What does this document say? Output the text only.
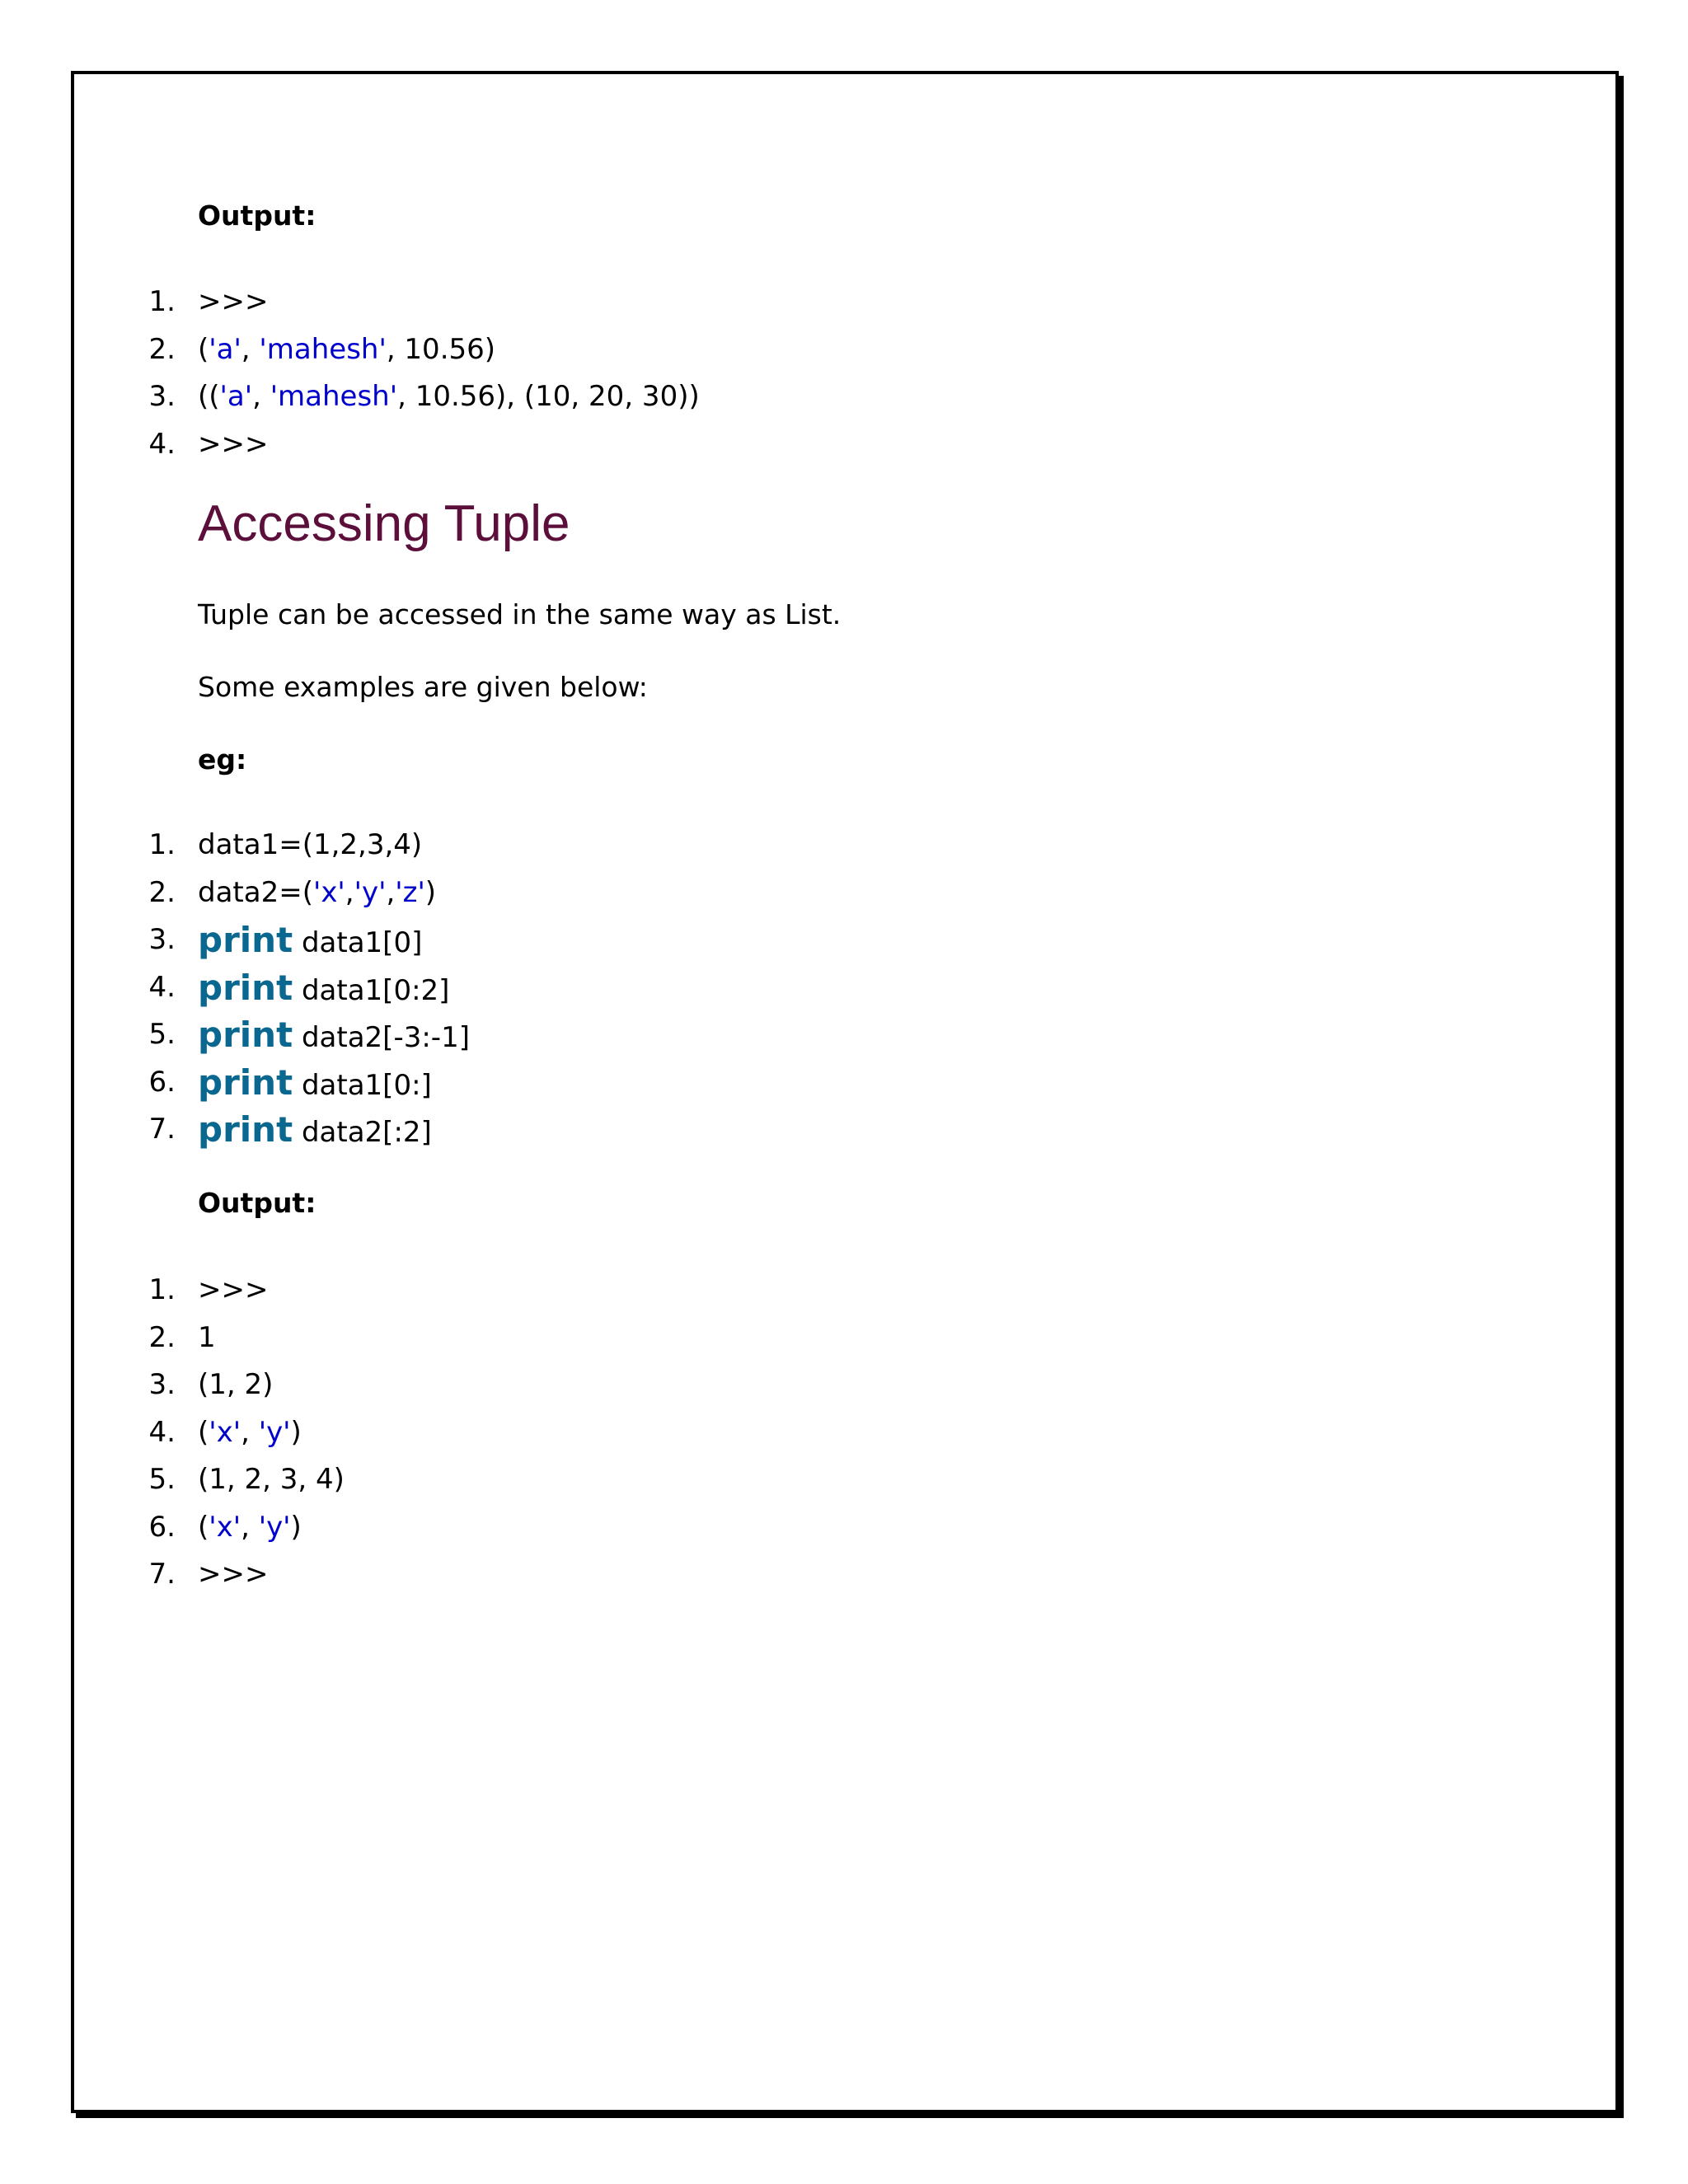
Output:

1. >>>
2. ('a', 'mahesh', 10.56)
3. (('a', 'mahesh', 10.56), (10, 20, 30))
4. >>>
Accessing Tuple

Tuple can be accessed in the same way as List.

Some examples are given below:

eg:

1. data1=(1,2,3,4)
2. data2=('x','y','z')
3. print data1[0]
4. print data1[0:2]
5. print data2[-3:-1]
6. print data1[0:]
7. print data2[:2]

Output:

1. >>>
2. 1
3. (1, 2)
4. ('x', 'y')
5. (1, 2, 3, 4)
6. ('x', 'y')
7. >>>
